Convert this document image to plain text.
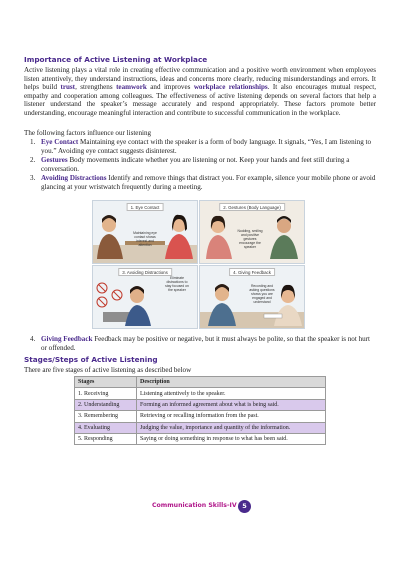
Importance of Active Listening at Workplace

Active listening plays a vital role in creating effective communication and a positive worth environment when employees listen attentively, they understand instructions, ideas and concerns more clearly, reducing misunderstandings and errors. It helps build trust, strengthens teamwork and improves workplace relationships. It also encourages mutual respect, empathy and cooperation among colleagues. The effectiveness of active listening depends on several factors that help a listener understand the speaker’s message accurately and respond appropriately. These factors promote better understanding, encourage meaningful interaction and contribute to successful communication in the workplace.

The following factors influence our listening

1. Eye Contact Maintaining eye contact with the speaker is a form of body language. It signals, “Yes, I am listening to you.” Avoiding eye contact suggests disinterest.

2. Gestures Body movements indicate whether you are listening or not. Keep your hands and feet still during a conversation.

3. Avoiding Distractions Identify and remove things that distract you. For example, silence your mobile phone or avoid glancing at your wristwatch frequently during a meeting.

Maintaining eye contact shows interest and attention
1. Eye Contact
Nodding, smiling and positive gestures encourage the speaker
2. Gestures (Body Language)
Eliminate distractions to stay focused on the speaker
3. Avoiding Distractions
Recording and asking questions shows you are engaged and understand
4. Giving Feedback

4. Giving Feedback Feedback may be positive or negative, but it must always be polite, so that the speaker is not hurt or offended.

Stages/Steps of Active Listening

There are five stages of active listening as described below

Stages	Description
1. Receiving	Listening attentively to the speaker.
2. Understanding	Forming an informed agreement about what is being said.
3. Remembering	Retrieving or recalling information from the past.
4. Evaluating	Judging the value, importance and quantity of the information.
5. Responding	Saying or doing something in response to what has been said.
Communication Skills-IV 5
